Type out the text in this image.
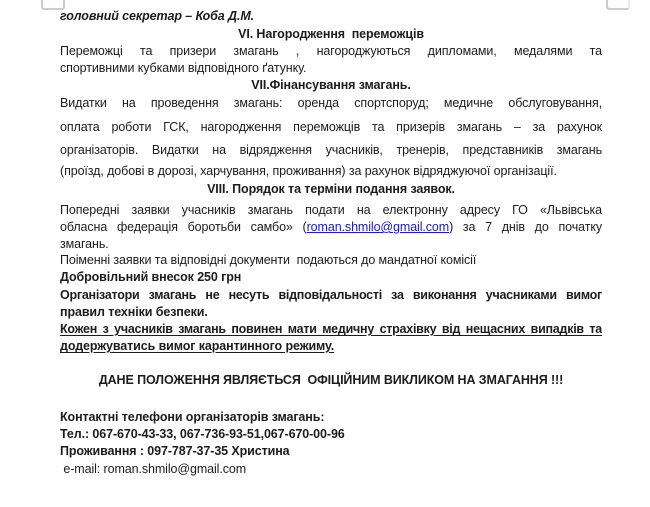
головний секретар – Коба Д.М.
VI. Нагородження  переможців
Переможці та призери змагань , нагороджуються дипломами, медалями та
спортивними кубками відповідного ґатунку.
VII.Фінансування змагань.
Видатки на проведення змагань: оренда спортспоруд; медичне обслуговування,
оплата роботи ГСК, нагородження переможців та призерів змагань – за рахунок
організаторів. Видатки на відрядження учасників, тренерів, представників змагань
(проїзд, добові в дорозі, харчування, проживання) за рахунок відряджуючої організації.
VIII. Порядок та терміни подання заявок.
Попередні заявки учасників змагань подати на електронну адресу ГО «Львівська
обласна федерація боротьби самбо» (roman.shmilo@gmail.com) за 7 днів до початку
змагань.
Поіменні заявки та відповідні документи  подаються до мандатної комісії
Добровільний внесок 250 грн
Організатори змагань не несуть відповідальності за виконання учасниками вимог
правил техніки безпеки.
Кожен з учасників змагань повинен мати медичну страхівку від нещасних випадків та
додержуватись вимог карантинного режиму.
ДАНЕ ПОЛОЖЕННЯ ЯВЛЯЄТЬСЯ  ОФІЦІЙНИМ ВИКЛИКОМ НА ЗМАГАННЯ !!!
Контактні телефони організаторів змагань:
Тел.: 067-670-43-33, 067-736-93-51,067-670-00-96
Проживання : 097-787-37-35 Христина
e-mail: roman.shmilo@gmail.com
